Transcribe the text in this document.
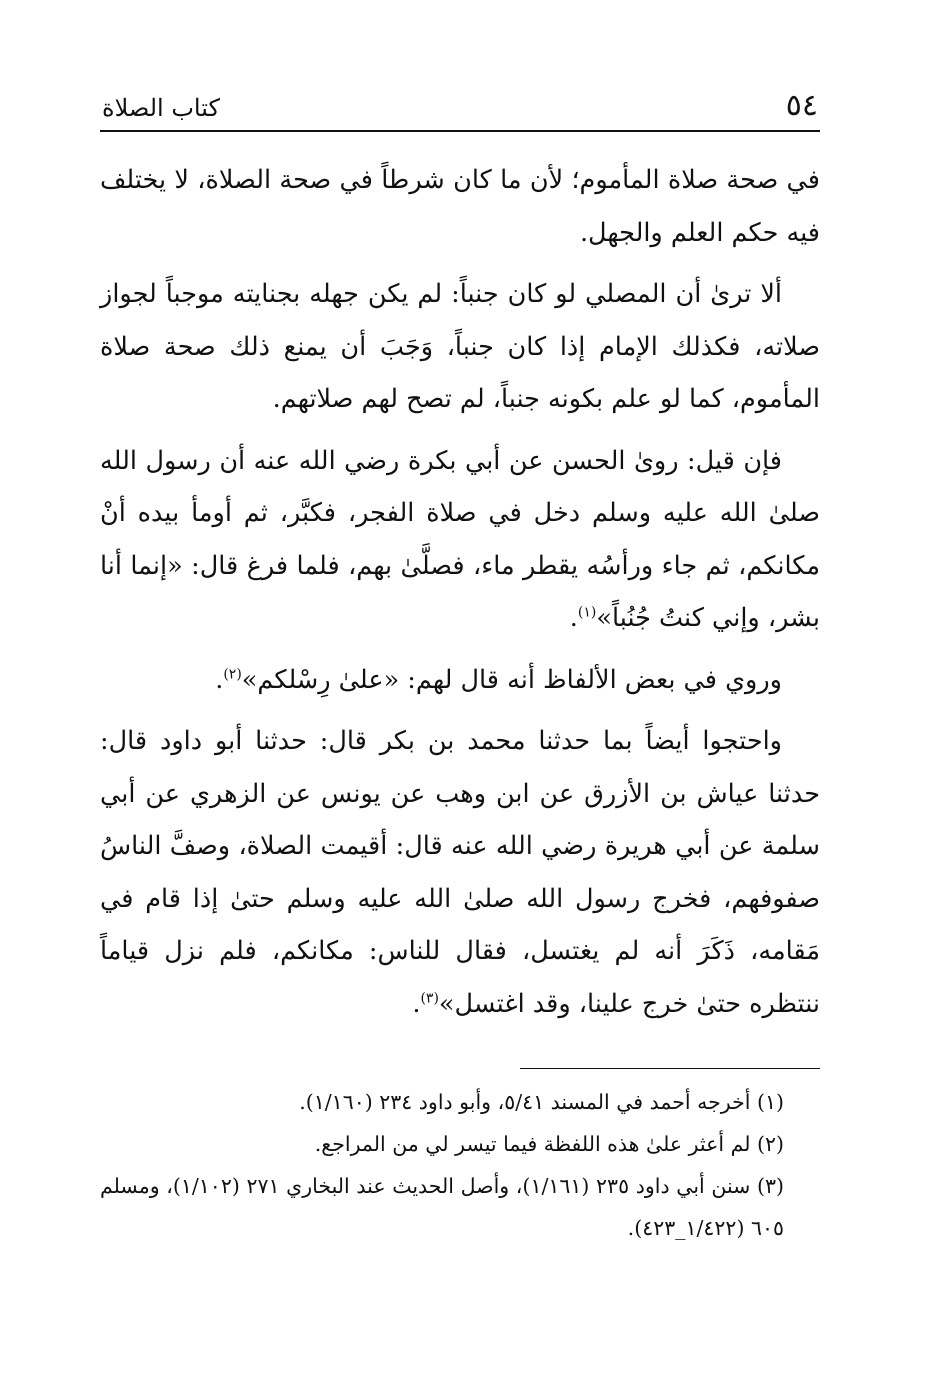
٥٤
كتاب الصلاة

في صحة صلاة المأموم؛ لأن ما كان شرطاً في صحة الصلاة، لا يختلف فيه حكم العلم والجهل.

ألا ترىٰ أن المصلي لو كان جنباً: لم يكن جهله بجنايته موجباً لجواز صلاته، فكذلك الإمام إذا كان جنباً، وَجَبَ أن يمنع ذلك صحة صلاة المأموم، كما لو علم بكونه جنباً، لم تصح لهم صلاتهم.

فإن قيل: روىٰ الحسن عن أبي بكرة رضي الله عنه أن رسول الله صلىٰ الله عليه وسلم دخل في صلاة الفجر، فكبَّر، ثم أومأ بيده أنْ مكانكم، ثم جاء ورأسُه يقطر ماء، فصلَّىٰ بهم، فلما فرغ قال: «إنما أنا بشر، وإني كنتُ جُنُباً»$^{(١)}$.

وروي في بعض الألفاظ أنه قال لهم: «علىٰ رِسْلكم»$^{(٢)}$.

واحتجوا أيضاً بما حدثنا محمد بن بكر قال: حدثنا أبو داود قال: حدثنا عياش بن الأزرق عن ابن وهب عن يونس عن الزهري عن أبي سلمة عن أبي هريرة رضي الله عنه قال: أقيمت الصلاة، وصفَّ الناسُ صفوفهم، فخرج رسول الله صلىٰ الله عليه وسلم حتىٰ إذا قام في مَقامه، ذَكَرَ أنه لم يغتسل، فقال للناس: مكانكم، فلم نزل قياماً ننتظره حتىٰ خرج علينا، وقد اغتسل»$^{(٣)}$.

(١) أخرجه أحمد في المسند ٥/٤١، وأبو داود ٢٣٤ (١/١٦٠).

(٢) لم أعثر علىٰ هذه اللفظة فيما تيسر لي من المراجع.

(٣) سنن أبي داود ٢٣٥ (١/١٦١)، وأصل الحديث عند البخاري ٢٧١ (١/١٠٢)، ومسلم ٦٠٥ (١/٤٢٢_٤٢٣).
